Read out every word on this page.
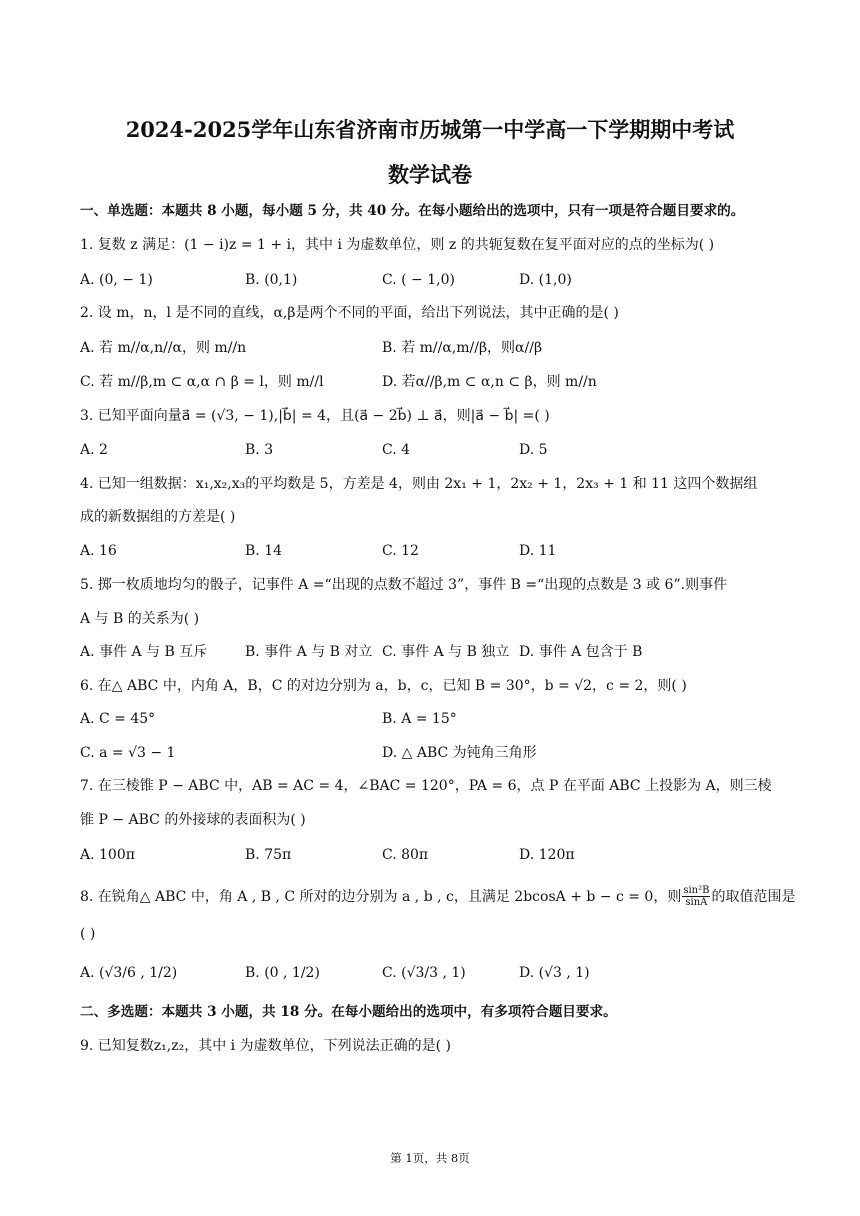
2024-2025学年山东省济南市历城第一中学高一下学期期中考试
数学试卷
一、单选题：本题共 8 小题，每小题 5 分，共 40 分。在每小题给出的选项中，只有一项是符合题目要求的。
1. 复数 z 满足：(1 − i)z = 1 + i，其中 i 为虚数单位，则 z 的共轭复数在复平面对应的点的坐标为( )
A. (0, − 1)	B. (0,1)	C. ( − 1,0)	D. (1,0)
2. 设 m，n，l 是不同的直线，α,β是两个不同的平面，给出下列说法，其中正确的是( )
A. 若 m//α,n//α，则 m//n	B. 若 m//α,m//β，则α//β
C. 若 m//β,m ⊂ α,α ∩ β = l，则 m//l	D. 若α//β,m ⊂ α,n ⊂ β，则 m//n
3. 已知平面向量a⃗ = (√3, − 1),|b⃗| = 4，且(a⃗ − 2b⃗) ⊥ a⃗，则|a⃗ − b⃗| =( )
A. 2	B. 3	C. 4	D. 5
4. 已知一组数据：x₁,x₂,x₃的平均数是 5，方差是 4，则由 2x₁ + 1，2x₂ + 1，2x₃ + 1 和 11 这四个数据组
成的新数据组的方差是( )
A. 16	B. 14	C. 12	D. 11
5. 掷一枚质地均匀的骰子，记事件 A =“出现的点数不超过 3”，事件 B =“出现的点数是 3 或 6”.则事件
A 与 B 的关系为( )
A. 事件 A 与 B 互斥	B. 事件 A 与 B 对立 C. 事件 A 与 B 独立 D. 事件 A 包含于 B
6. 在△ ABC 中，内角 A，B，C 的对边分别为 a，b，c，已知 B = 30°，b = √2，c = 2，则( )
A. C = 45°	B. A = 15°
C. a = √3 − 1	D. △ ABC 为钝角三角形
7. 在三棱锥 P − ABC 中，AB = AC = 4，∠BAC = 120°，PA = 6，点 P 在平面 ABC 上投影为 A，则三棱
锥 P − ABC 的外接球的表面积为( )
A. 100π	B. 75π	C. 80π	D. 120π
8. 在锐角△ ABC 中，角 A , B , C 所对的边分别为 a , b , c，且满足 2bcosA + b − c = 0，则 $\frac{\text{sin²B}}{\sin A}$ 的取值范围是
( )
A. (√3/6 , 1/2)	B. (0 , 1/2)	C. (√3/3 , 1)	D. (√3 , 1)
二、多选题：本题共 3 小题，共 18 分。在每小题给出的选项中，有多项符合题目要求。
9. 已知复数z₁,z₂，其中 i 为虚数单位，下列说法正确的是( )
第 1页，共 8页
